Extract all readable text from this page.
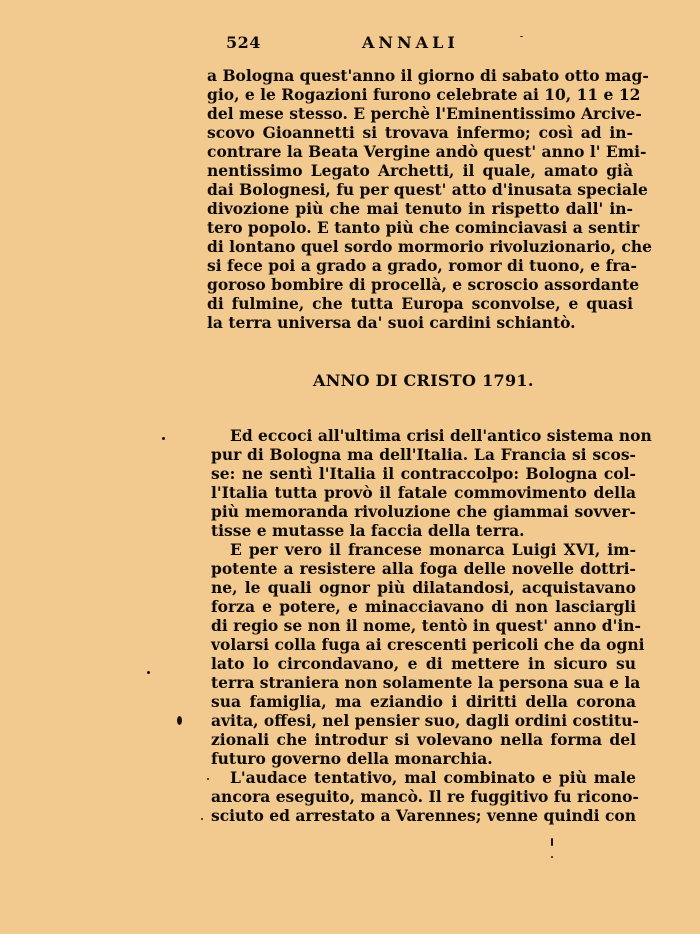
524	ANNALI
a Bologna quest'anno il giorno di sabato otto mag-
gio, e le Rogazioni furono celebrate ai 10, 11 e 12
del mese stesso. E perchè l'Eminentissimo Arcive-
scovo Gioannetti si trovava infermo; così ad in-
contrare la Beata Vergine andò quest' anno l' Emi-
nentissimo Legato Archetti, il quale, amato già
dai Bolognesi, fu per quest' atto d'inusata speciale
divozione più che mai tenuto in rispetto dall' in-
tero popolo. E tanto più che cominciavasi a sentir
di lontano quel sordo mormorio rivoluzionario, che
si fece poi a grado a grado, romor di tuono, e fra-
goroso bombire di procellà, e scroscio assordante
di fulmine, che tutta Europa sconvolse, e quasi
la terra universa da' suoi cardini schiantò.
ANNO DI CRISTO 1791.
Ed eccoci all'ultima crisi dell'antico sistema non
pur di Bologna ma dell'Italia. La Francia si scos-
se: ne sentì l'Italia il contraccolpo: Bologna col-
l'Italia tutta provò il fatale commovimento della
più memoranda rivoluzione che giammai sovver-
tisse e mutasse la faccia della terra.
E per vero il francese monarca Luigi XVI, im-
potente a resistere alla foga delle novelle dottri-
ne, le quali ognor più dilatandosi, acquistavano
forza e potere, e minacciavano di non lasciargli
di regio se non il nome, tentò in quest' anno d'in-
volarsi colla fuga ai crescenti pericoli che da ogni
lato lo circondavano, e di mettere in sicuro su
terra straniera non solamente la persona sua e la
sua famiglia, ma eziandio i diritti della corona
avita, offesi, nel pensier suo, dagli ordini costitu-
zionali che introdur si volevano nella forma del
futuro governo della monarchia.
L'audace tentativo, mal combinato e più male
ancora eseguito, mancò. Il re fuggitivo fu ricono-
sciuto ed arrestato a Varennes; venne quindi con
